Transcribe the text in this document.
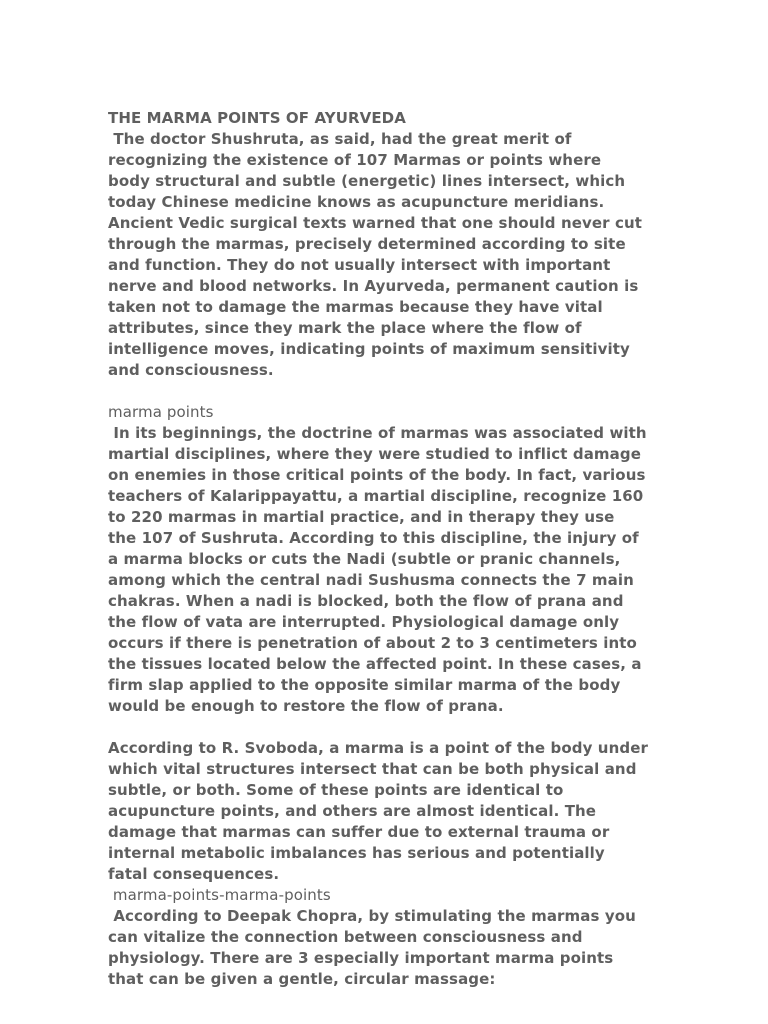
THE MARMA POINTS OF AYURVEDA

The doctor Shushruta, as said, had the great merit of recognizing the existence of 107 Marmas or points where body structural and subtle (energetic) lines intersect, which today Chinese medicine knows as acupuncture meridians. Ancient Vedic surgical texts warned that one should never cut through the marmas, precisely determined according to site and function. They do not usually intersect with important nerve and blood networks. In Ayurveda, permanent caution is taken not to damage the marmas because they have vital attributes, since they mark the place where the flow of intelligence moves, indicating points of maximum sensitivity and consciousness.

marma points

In its beginnings, the doctrine of marmas was associated with martial disciplines, where they were studied to inflict damage on enemies in those critical points of the body. In fact, various teachers of Kalarippayattu, a martial discipline, recognize 160 to 220 marmas in martial practice, and in therapy they use the 107 of Sushruta. According to this discipline, the injury of a marma blocks or cuts the Nadi (subtle or pranic channels, among which the central nadi Sushusma connects the 7 main chakras. When a nadi is blocked, both the flow of prana and the flow of vata are interrupted. Physiological damage only occurs if there is penetration of about 2 to 3 centimeters into the tissues located below the affected point. In these cases, a firm slap applied to the opposite similar marma of the body would be enough to restore the flow of prana.

According to R. Svoboda, a marma is a point of the body under which vital structures intersect that can be both physical and subtle, or both. Some of these points are identical to acupuncture points, and others are almost identical. The damage that marmas can suffer due to external trauma or internal metabolic imbalances has serious and potentially fatal consequences.

marma-points-marma-points

According to Deepak Chopra, by stimulating the marmas you can vitalize the connection between consciousness and physiology. There are 3 especially important marma points that can be given a gentle, circular massage:
